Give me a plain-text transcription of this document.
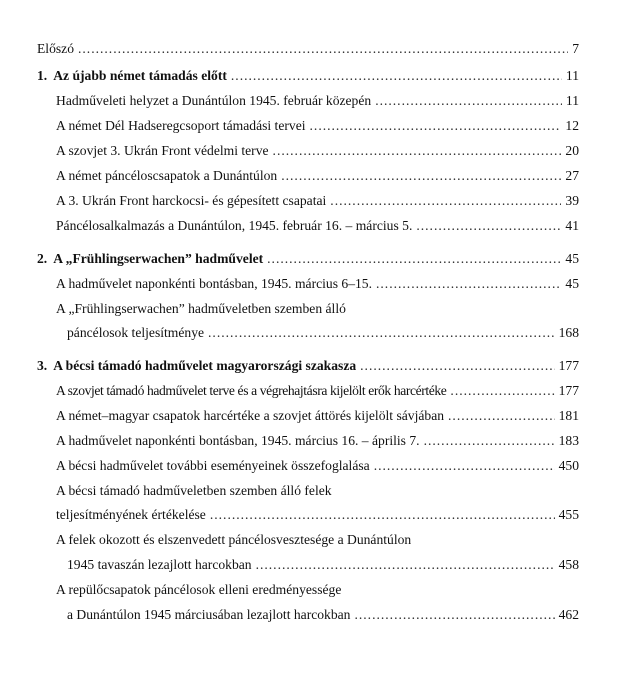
Előszó .....	7
1. Az újabb német támadás előtt .....	11
Hadműveleti helyzet a Dunántúlon 1945. február közepén .....	11
A német Dél Hadseregcsoport támadási tervei .....	12
A szovjet 3. Ukrán Front védelmi terve .....	20
A német páncéloscsapatok a Dunántúlon .....	27
A 3. Ukrán Front harckocsi- és gépesített csapatai .....	39
Páncélosalkalmazás a Dunántúlon, 1945. február 16. – március 5. .....	41
2. A „Frühlingserwachen” hadművelet .....	45
A hadművelet naponkénti bontásban, 1945. március 6–15. .....	45
A „Frühlingserwachen” hadműveletben szemben álló
páncélosok teljesítménye .....	168
3. A bécsi támadó hadművelet magyarországi szakasza .....	177
A szovjet támadó hadművelet terve és a végrehajtásra kijelölt erők harcértéke .....	177
A német–magyar csapatok harcértéke a szovjet áttörés kijelölt sávjában .....	181
A hadművelet naponkénti bontásban, 1945. március 16. – április 7. .....	183
A bécsi hadművelet további eseményeinek összefoglalása .....	450
A bécsi támadó hadműveletben szemben álló felek
teljesítményének értékelése .....	455
A felek okozott és elszenvedett páncélosvesztesége a Dunántúlon
1945 tavaszán lezajlott harcokban .....	458
A repülőcsapatok páncélosok elleni eredményessége
a Dunántúlon 1945 márciusában lezajlott harcokban .....	462
